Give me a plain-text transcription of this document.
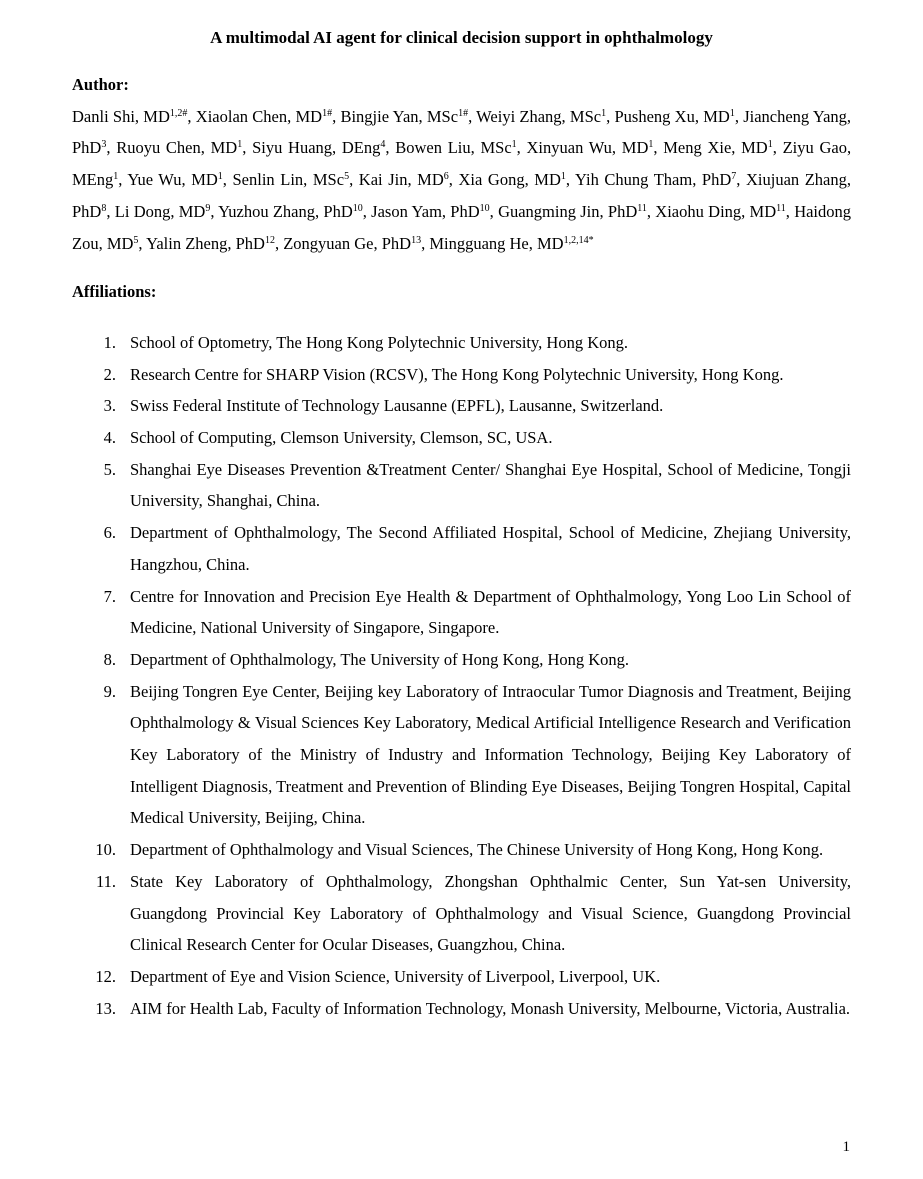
A multimodal AI agent for clinical decision support in ophthalmology

Author:

Danli Shi, $MD^{1,2\#}$, Xiaolan Chen, $MD^{1\#}$, Bingjie Yan, MSc$^{1\#}$, Weiyi Zhang, MSc$^1$, Pusheng Xu, $MD^1$, Jiancheng Yang, PhD$^3$, Ruoyu Chen, $MD^1$, Siyu Huang, DEng$^4$, Bowen Liu, MSc$^1$, Xinyuan Wu, $MD^1$, Meng Xie, $MD^1$, Ziyu Gao, MEng$^1$, Yue Wu, $MD^1$, Senlin Lin, MSc$^5$, Kai Jin, $MD^6$, Xia Gong, $MD^1$, Yih Chung Tham, PhD$^7$, Xiujuan Zhang, PhD$^8$, Li Dong, $MD^9$, Yuzhou Zhang, PhD$^{10}$, Jason Yam, PhD$^{10}$, Guangming Jin, PhD$^{11}$, Xiaohu Ding, MD$^{11}$, Haidong Zou, $MD^5$, Yalin Zheng, PhD$^{12}$, Zongyuan Ge, PhD$^{13}$, Mingguang He, $MD^{1,2,14*}$

Affiliations:

1. School of Optometry, The Hong Kong Polytechnic University, Hong Kong.
2. Research Centre for SHARP Vision (RCSV), The Hong Kong Polytechnic University, Hong Kong.
3. Swiss Federal Institute of Technology Lausanne (EPFL), Lausanne, Switzerland.
4. School of Computing, Clemson University, Clemson, SC, USA.
5. Shanghai Eye Diseases Prevention &Treatment Center/ Shanghai Eye Hospital, School of Medicine, Tongji University, Shanghai, China.
6. Department of Ophthalmology, The Second Affiliated Hospital, School of Medicine, Zhejiang University, Hangzhou, China.
7. Centre for Innovation and Precision Eye Health & Department of Ophthalmology, Yong Loo Lin School of Medicine, National University of Singapore, Singapore.
8. Department of Ophthalmology, The University of Hong Kong, Hong Kong.
9. Beijing Tongren Eye Center, Beijing key Laboratory of Intraocular Tumor Diagnosis and Treatment, Beijing Ophthalmology & Visual Sciences Key Laboratory, Medical Artificial Intelligence Research and Verification Key Laboratory of the Ministry of Industry and Information Technology, Beijing Key Laboratory of Intelligent Diagnosis, Treatment and Prevention of Blinding Eye Diseases, Beijing Tongren Hospital, Capital Medical University, Beijing, China.
10. Department of Ophthalmology and Visual Sciences, The Chinese University of Hong Kong, Hong Kong.
11. State Key Laboratory of Ophthalmology, Zhongshan Ophthalmic Center, Sun Yat-sen University, Guangdong Provincial Key Laboratory of Ophthalmology and Visual Science, Guangdong Provincial Clinical Research Center for Ocular Diseases, Guangzhou, China.
12. Department of Eye and Vision Science, University of Liverpool, Liverpool, UK.
13. AIM for Health Lab, Faculty of Information Technology, Monash University, Melbourne, Victoria, Australia.
1
